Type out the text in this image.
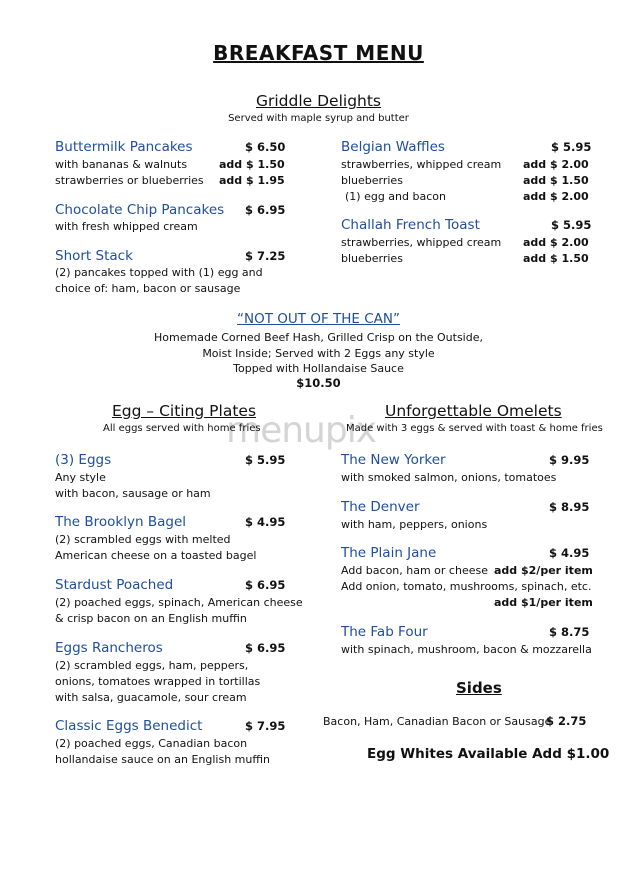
BREAKFAST MENU
Griddle Delights
Served with maple syrup and butter
Buttermilk Pancakes	$ 6.50
with bananas & walnuts	add $ 1.50
strawberries or blueberries add $ 1.95
Chocolate Chip Pancakes $ 6.95
with fresh whipped cream
Short Stack	$ 7.25
(2) pancakes topped with (1) egg and
choice of: ham, bacon or sausage
Belgian Waffles	$ 5.95
strawberries, whipped cream add $ 2.00
blueberries	add $ 1.50
(1) egg and bacon	add $ 2.00
Challah French Toast	$ 5.95
strawberries, whipped cream add $ 2.00
blueberries	add $ 1.50
“NOT OUT OF THE CAN”
Homemade Corned Beef Hash, Grilled Crisp on the Outside,
Moist Inside; Served with 2 Eggs any style
Topped with Hollandaise Sauce
$10.50
menupix
Egg – Citing Plates
All eggs served with home fries
(3) Eggs	$ 5.95
Any style
with bacon, sausage or ham
The Brooklyn Bagel	$ 4.95
(2) scrambled eggs with melted
American cheese on a toasted bagel
Stardust Poached	$ 6.95
(2) poached eggs, spinach, American cheese
& crisp bacon on an English muffin
Eggs Rancheros	$ 6.95
(2) scrambled eggs, ham, peppers,
onions, tomatoes wrapped in tortillas
with salsa, guacamole, sour cream
Classic Eggs Benedict	$ 7.95
(2) poached eggs, Canadian bacon
hollandaise sauce on an English muffin
Unforgettable Omelets
Made with 3 eggs & served with toast & home fries
The New Yorker	$ 9.95
with smoked salmon, onions, tomatoes
The Denver	$ 8.95
with ham, peppers, onions
The Plain Jane	$ 4.95
Add bacon, ham or cheese add $2/per item
Add onion, tomato, mushrooms, spinach, etc.
add $1/per item
The Fab Four	$ 8.75
with spinach, mushroom, bacon & mozzarella
Sides
Bacon, Ham, Canadian Bacon or Sausage
$ 2.75
Egg Whites Available Add $1.00
